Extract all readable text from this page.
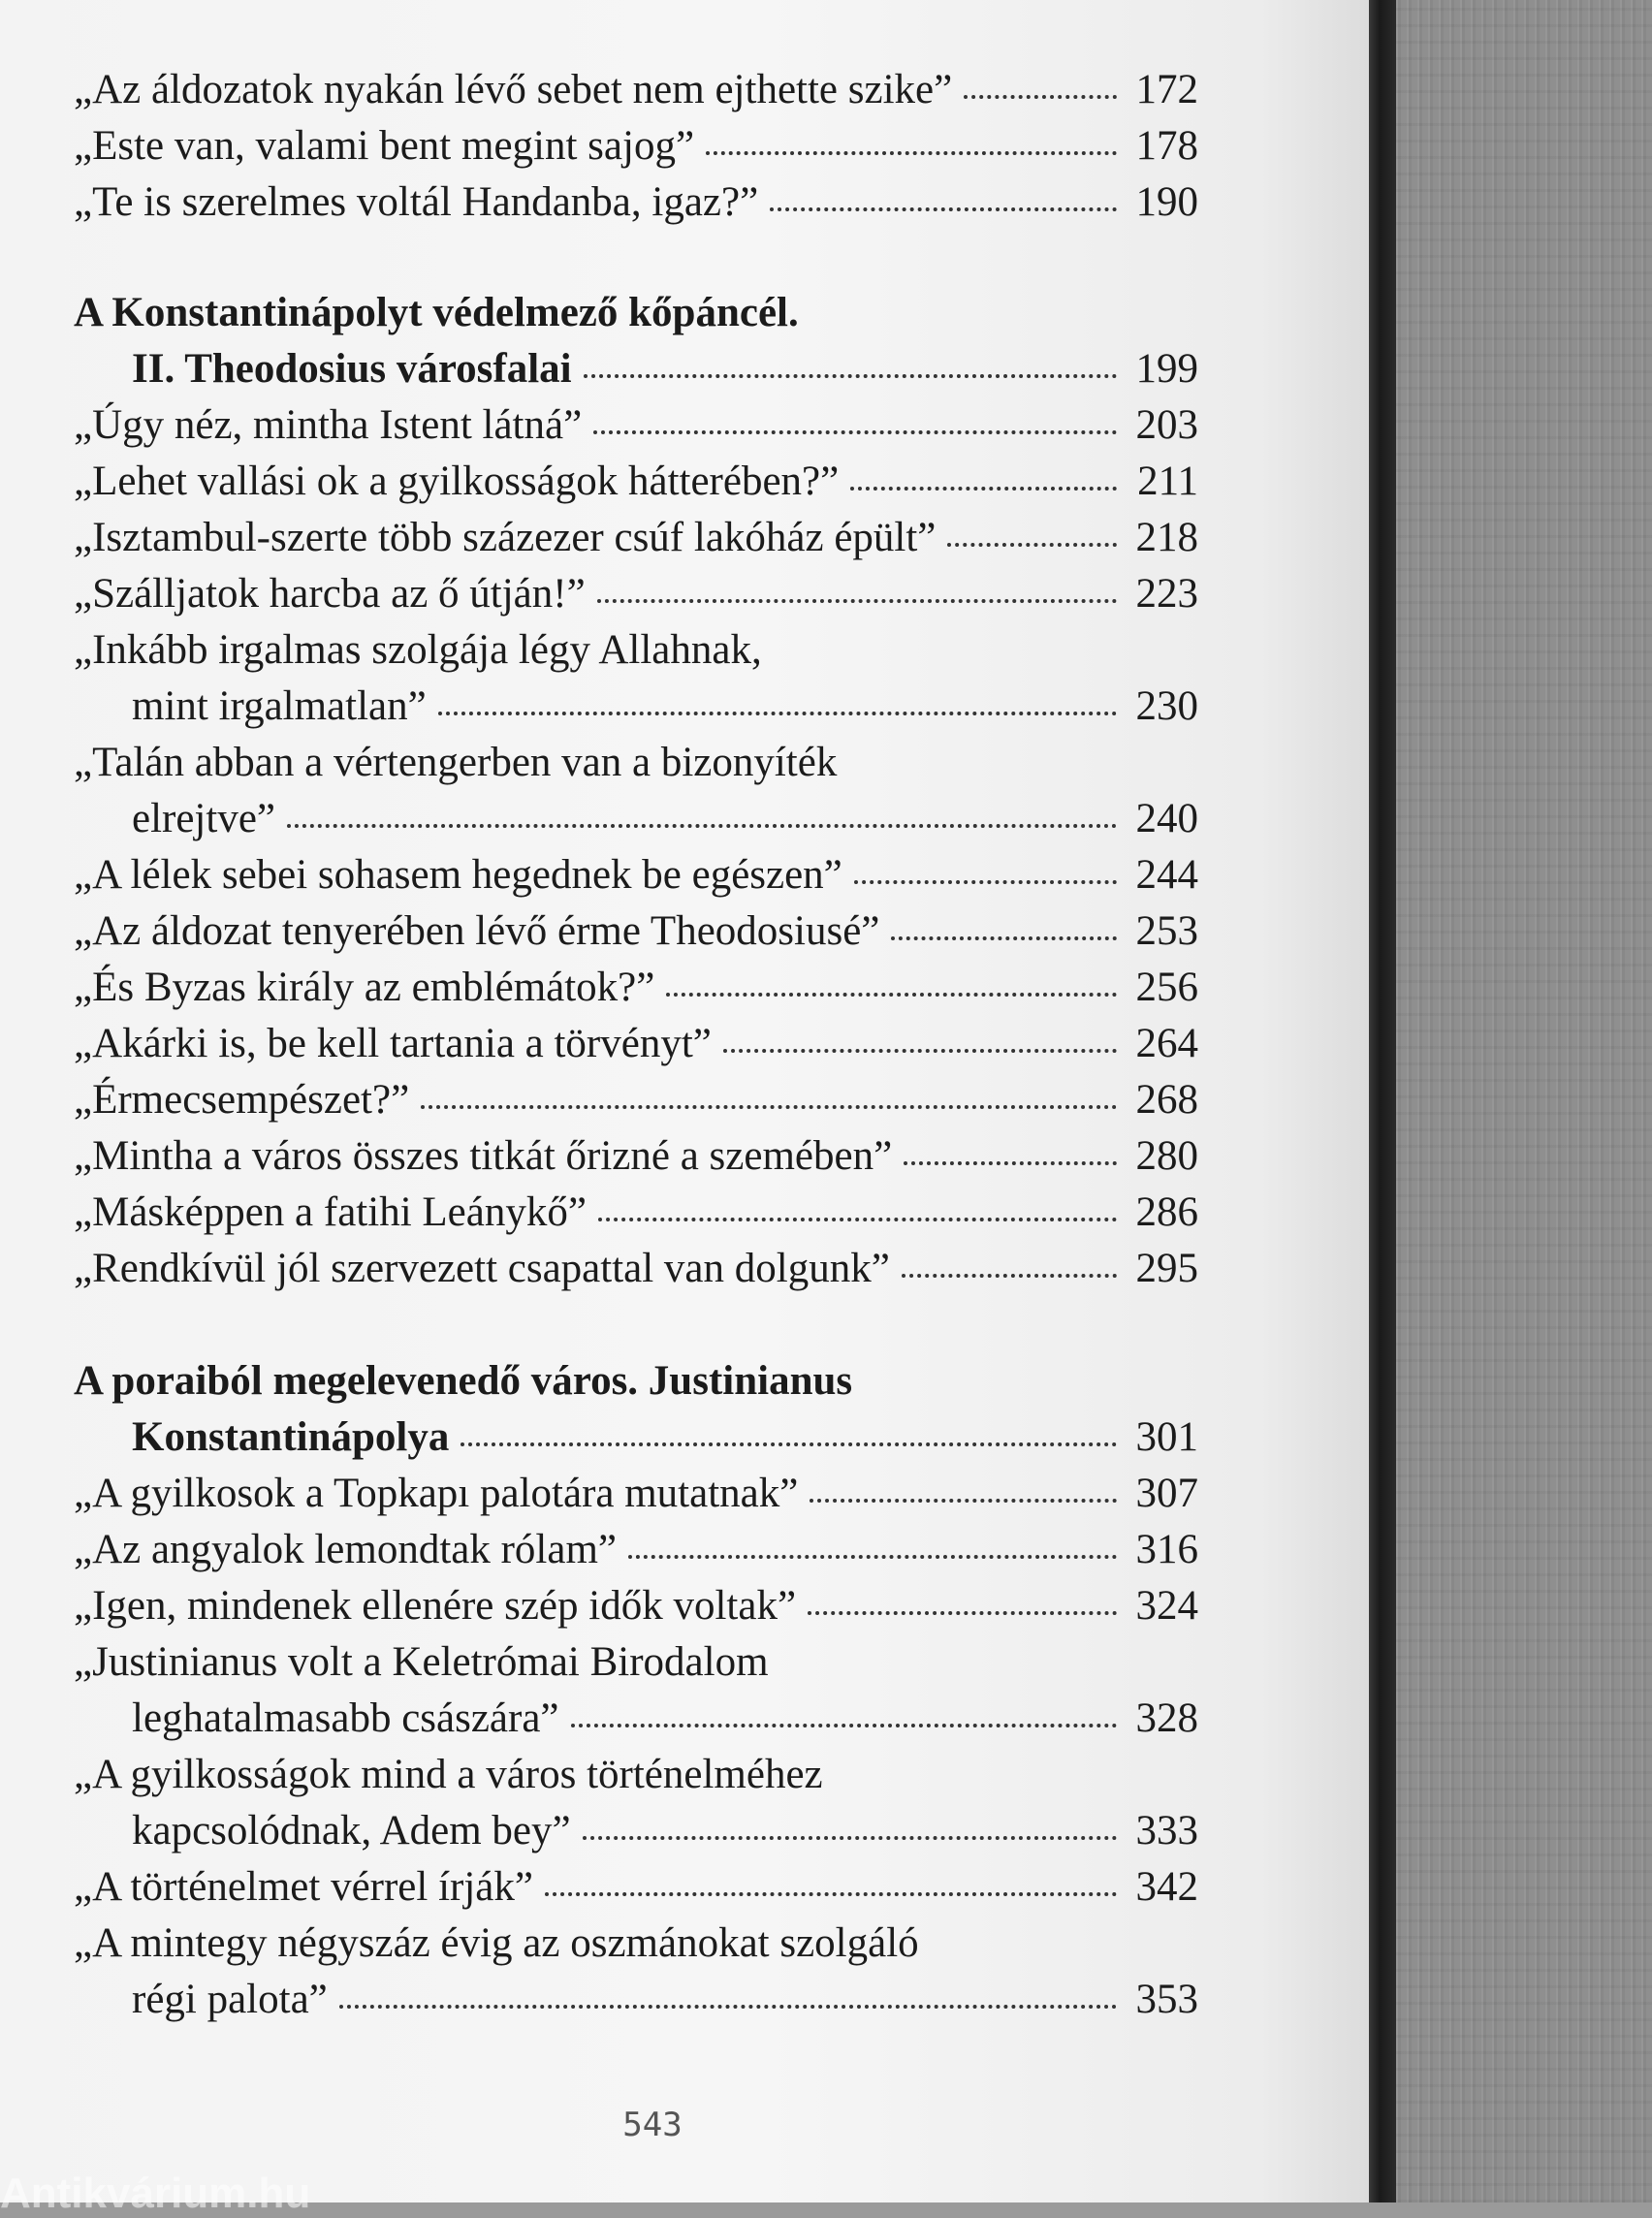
„Az áldozatok nyakán lévő sebet nem ejthette szike”	172
„Este van, valami bent megint sajog”	178
„Te is szerelmes voltál Handanba, igaz?”	190
A Konstantinápolyt védelmező kőpáncél.
II. Theodosius városfalai	199
„Úgy néz, mintha Istent látná”	203
„Lehet vallási ok a gyilkosságok hátterében?”	211
„Isztambul-szerte több százezer csúf lakóház épült”	218
„Szálljatok harcba az ő útján!”	223
„Inkább irgalmas szolgája légy Allahnak,
mint irgalmatlan”	230
„Talán abban a vértengerben van a bizonyíték
elrejtve”	240
„A lélek sebei sohasem hegednek be egészen”	244
„Az áldozat tenyerében lévő érme Theodosiusé”	253
„És Byzas király az emblémátok?”	256
„Akárki is, be kell tartania a törvényt”	264
„Érmecsempészet?”	268
„Mintha a város összes titkát őrizné a szemében”	280
„Másképpen a fatihi Leánykő”	286
„Rendkívül jól szervezett csapattal van dolgunk”	295
A poraiból megelevenedő város. Justinianus
Konstantinápolya	301
„A gyilkosok a Topkapı palotára mutatnak”	307
„Az angyalok lemondtak rólam”	316
„Igen, mindenek ellenére szép idők voltak”	324
„Justinianus volt a Keletrómai Birodalom
leghatalmasabb császára”	328
„A gyilkosságok mind a város történelméhez
kapcsolódnak, Adem bey”	333
„A történelmet vérrel írják”	342
„A mintegy négyszáz évig az oszmánokat szolgáló
régi palota”	353
543
Antikvárium.hu
